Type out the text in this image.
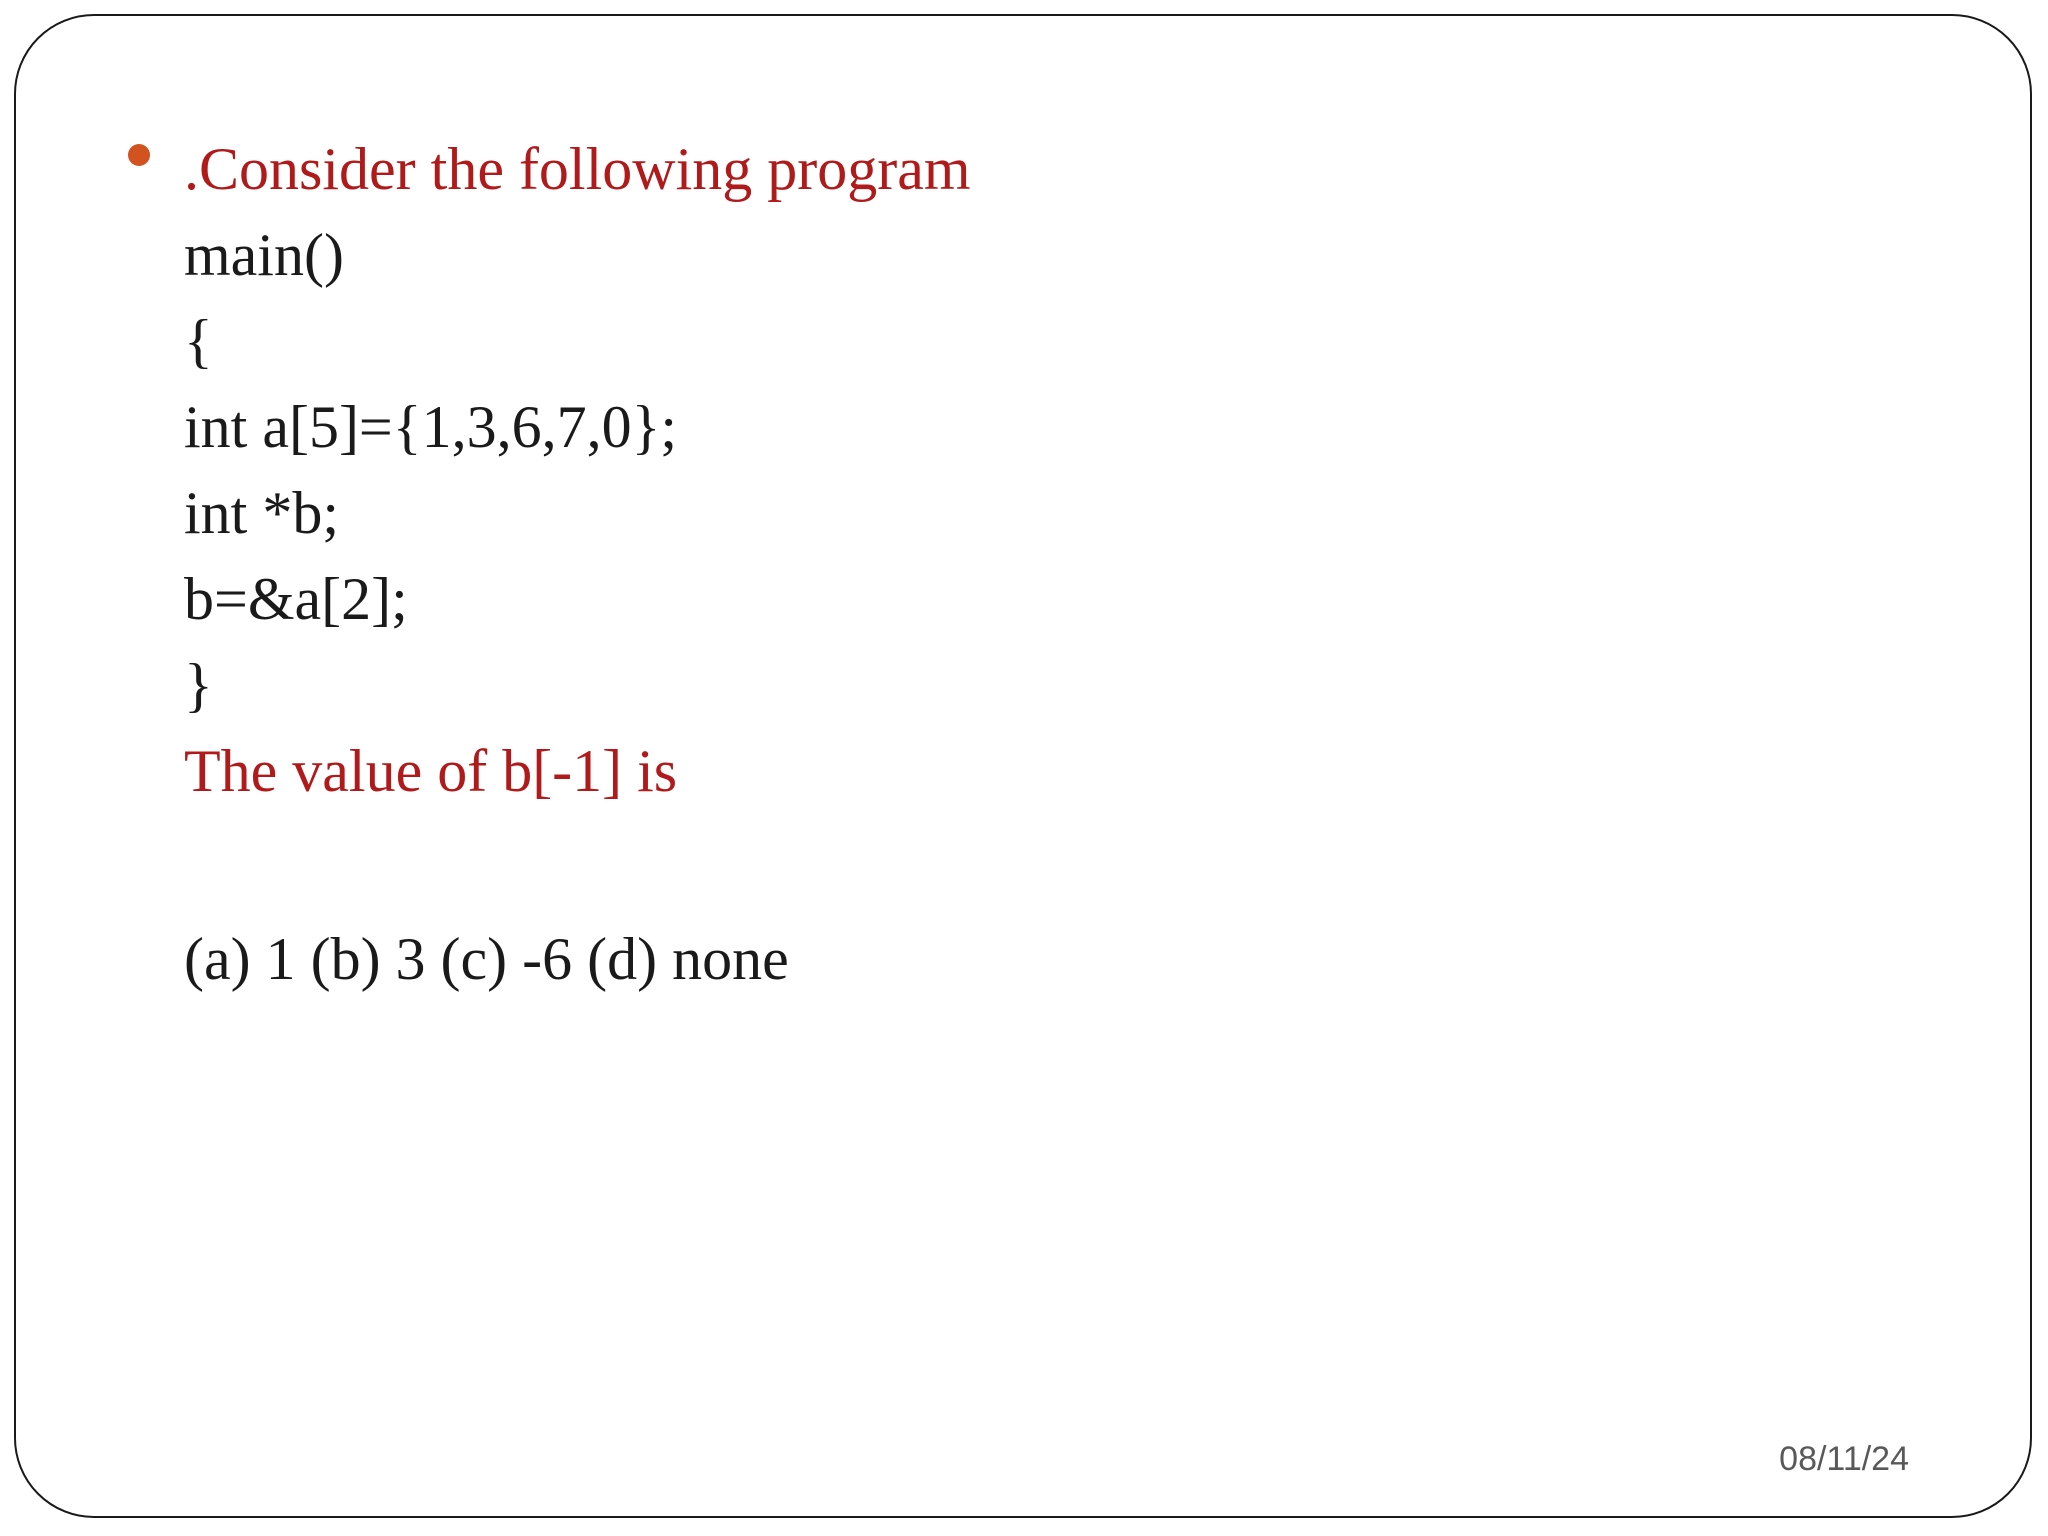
.Consider the following program
main()
{
int a[5]={1,3,6,7,0};
int *b;
b=&a[2];
}
The value of b[-1] is
(a) 1 (b) 3 (c) -6 (d) none
08/11/24
